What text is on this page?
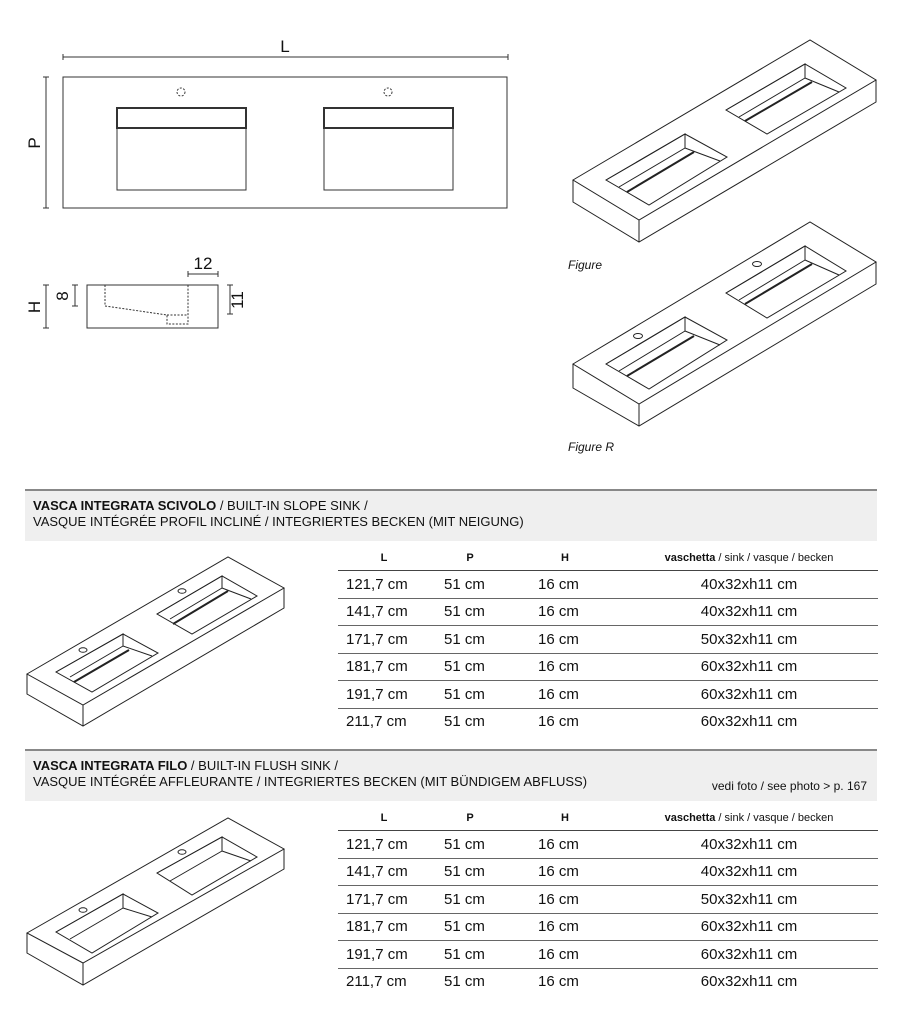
L
P
12
H
8	11
Figure
Figure R
VASCA INTEGRATA SCIVOLO / BUILT-IN SLOPE SINK /
VASQUE INTÉGRÉE PROFIL INCLINÉ / INTEGRIERTES BECKEN (MIT NEIGUNG)
L	P	H	vaschetta / sink / vasque / becken
121,7 cm	51 cm	16 cm	40x32xh11 cm
141,7 cm	51 cm	16 cm	40x32xh11 cm
171,7 cm	51 cm	16 cm	50x32xh11 cm
181,7 cm	51 cm	16 cm	60x32xh11 cm
191,7 cm	51 cm	16 cm	60x32xh11 cm
211,7 cm	51 cm	16 cm	60x32xh11 cm
VASCA INTEGRATA FILO / BUILT-IN FLUSH SINK /
VASQUE INTÉGRÉE AFFLEURANTE / INTEGRIERTES BECKEN (MIT BÜNDIGEM ABFLUSS)	vedi foto / see photo > p. 167
L	P	H	vaschetta / sink / vasque / becken
121,7 cm	51 cm	16 cm	40x32xh11 cm
141,7 cm	51 cm	16 cm	40x32xh11 cm
171,7 cm	51 cm	16 cm	50x32xh11 cm
181,7 cm	51 cm	16 cm	60x32xh11 cm
191,7 cm	51 cm	16 cm	60x32xh11 cm
211,7 cm	51 cm	16 cm	60x32xh11 cm
